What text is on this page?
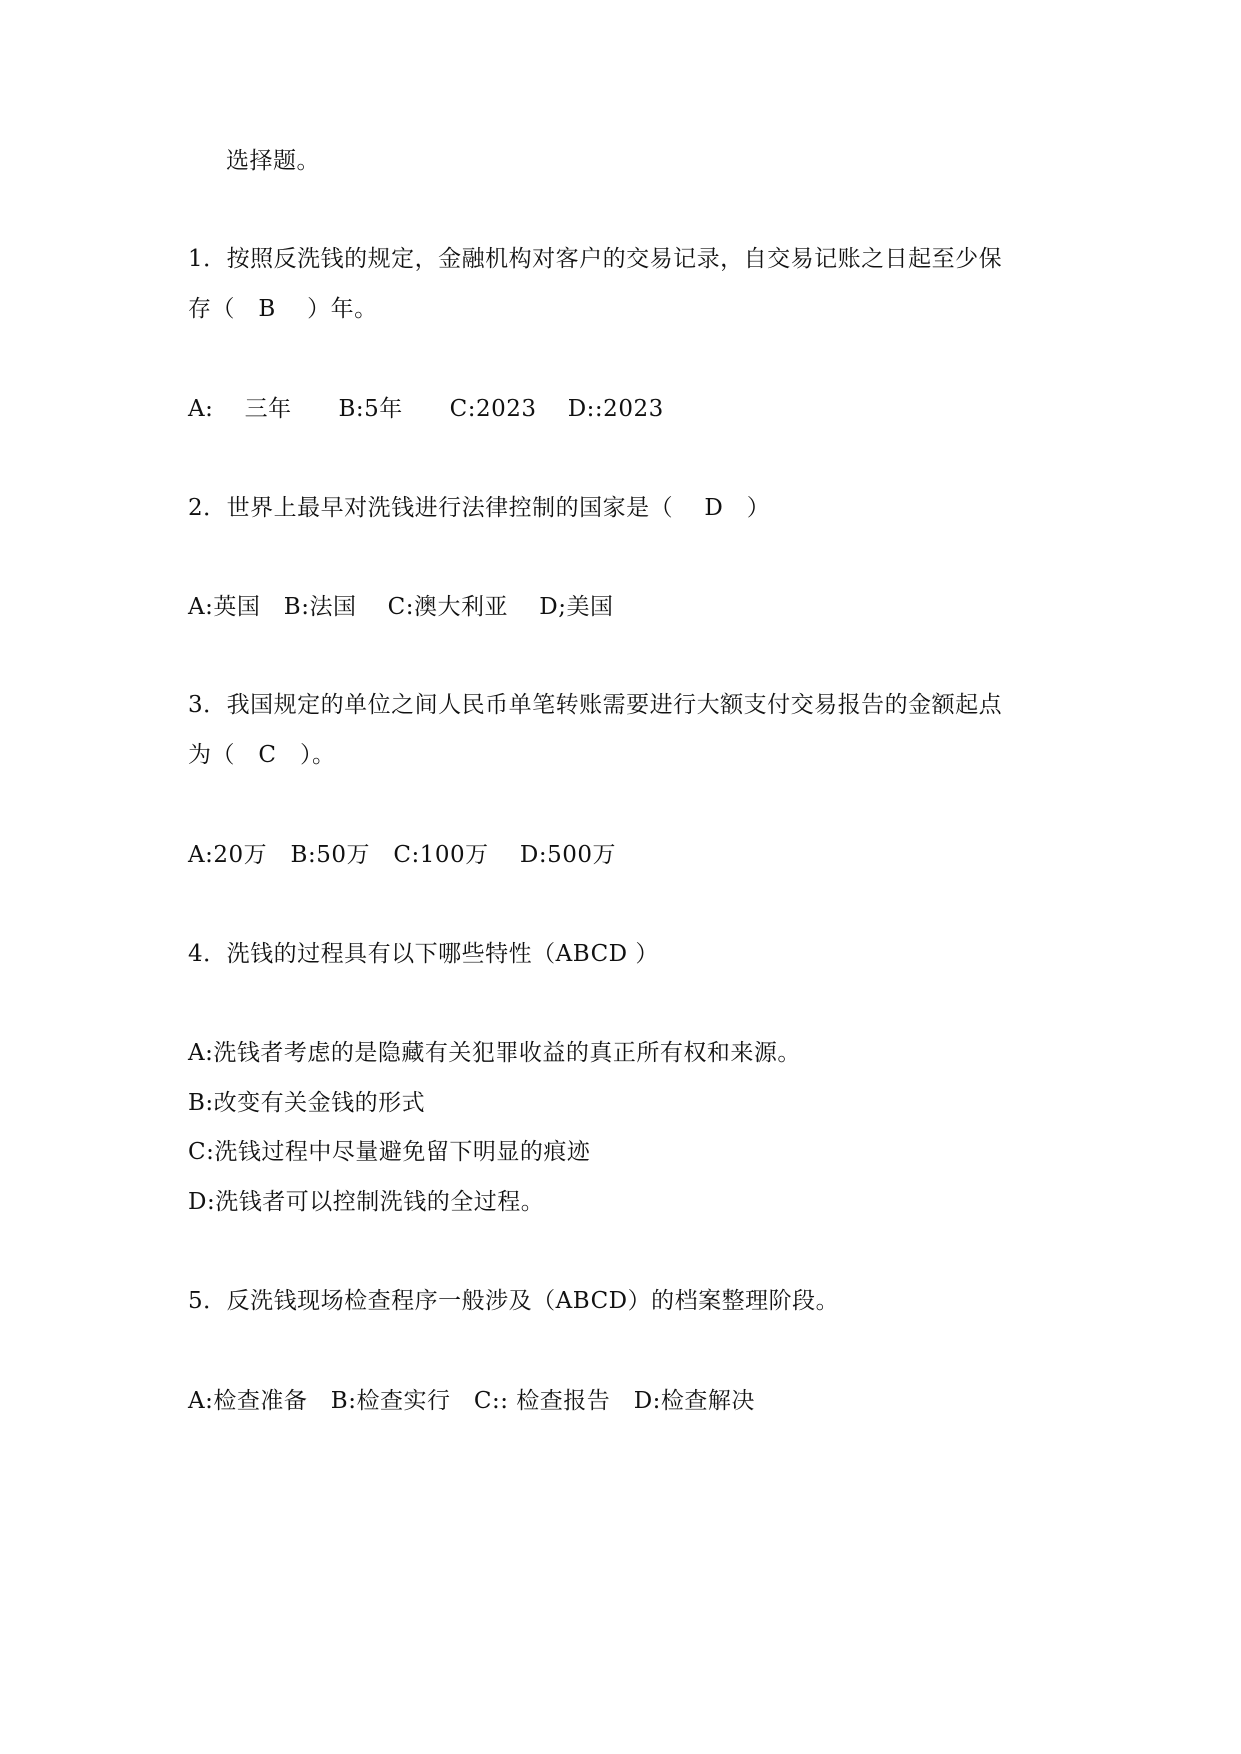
选择题。
1．按照反洗钱的规定，金融机构对客户的交易记录，自交易记账之日起至少保
存（   B    ）年。
A:    三年      B:5年      C:2023    D::2023
2．世界上最早对洗钱进行法律控制的国家是（    D   ）
A:英国   B:法国    C:澳大利亚    D;美国
3．我国规定的单位之间人民币单笔转账需要进行大额支付交易报告的金额起点
为（   C   ）。
A:20万   B:50万   C:100万    D:500万
4．洗钱的过程具有以下哪些特性（ABCD ）
A:洗钱者考虑的是隐藏有关犯罪收益的真正所有权和来源。
B:改变有关金钱的形式
C:洗钱过程中尽量避免留下明显的痕迹
D:洗钱者可以控制洗钱的全过程。
5．反洗钱现场检查程序一般涉及（ABCD）的档案整理阶段。
A:检查准备   B:检查实行   C:: 检查报告   D:检查解决
